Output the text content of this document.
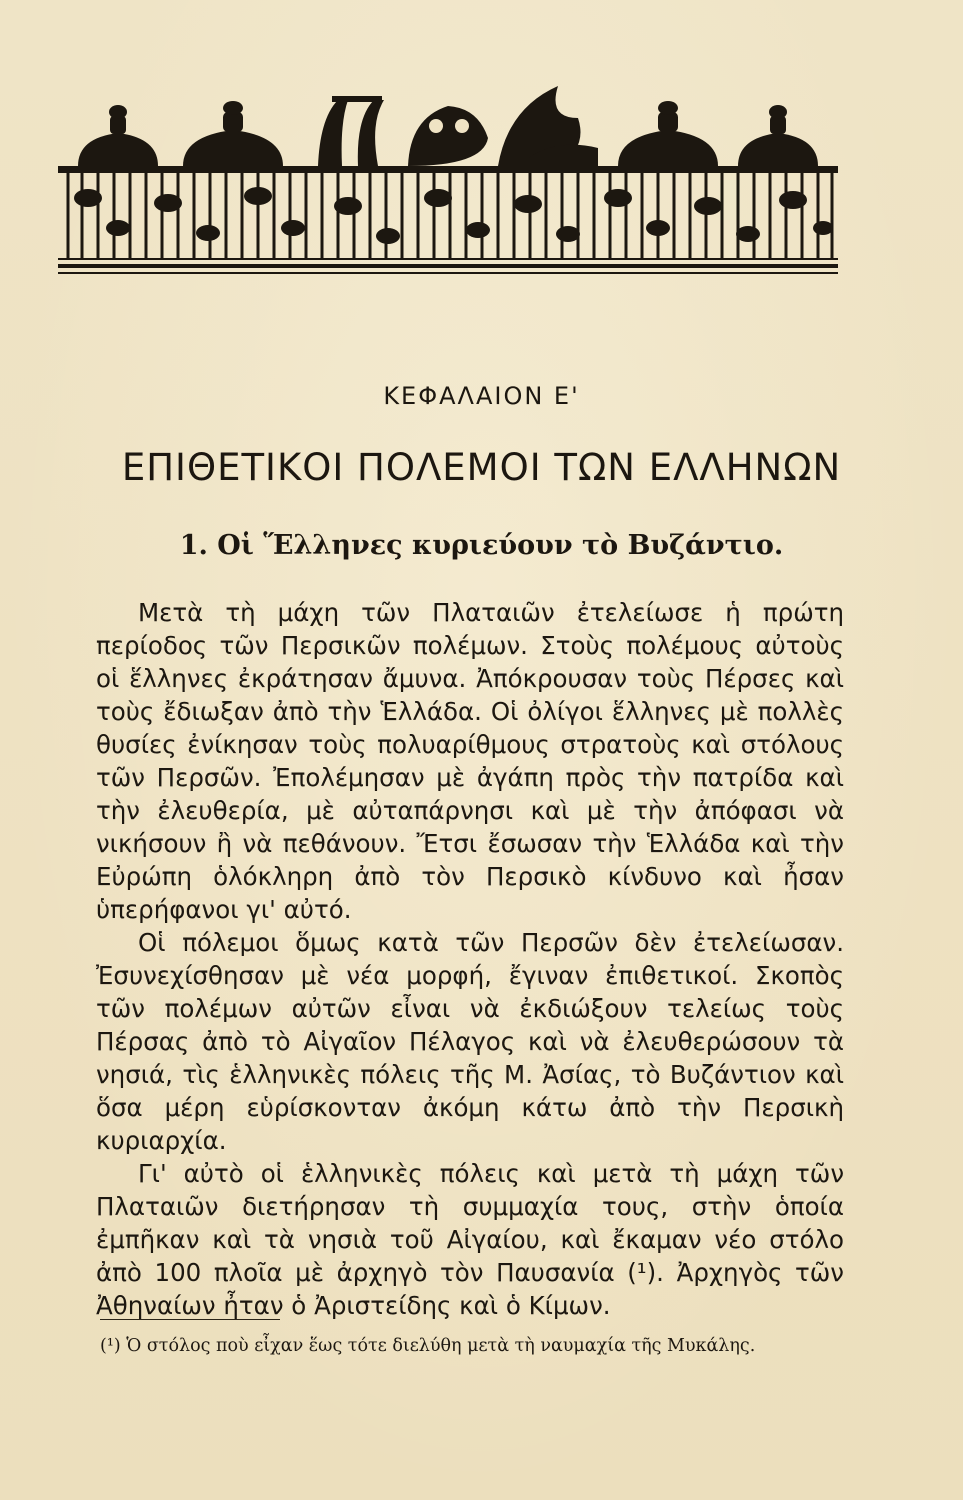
ΚΕΦΑΛΑΙΟΝ Ε'
ΕΠΙΘΕΤΙΚΟΙ ΠΟΛΕΜΟΙ ΤΩΝ ΕΛΛΗΝΩΝ
1. Οἱ Ἕλληνες κυριεύουν τὸ Βυζάντιο.

Μετὰ τὴ μάχη τῶν Πλαταιῶν ἐτελείωσε ἡ πρώτη περίοδος τῶν Περσικῶν πολέμων. Στοὺς πολέμους αὐτοὺς οἱ ἕλληνες ἐκράτησαν ἄμυνα. Ἀπόκρουσαν τοὺς Πέρσες καὶ τοὺς ἔδιωξαν ἀπὸ τὴν Ἑλλάδα. Οἱ ὀλίγοι ἕλληνες μὲ πολλὲς θυσίες ἐνίκησαν τοὺς πολυαρίθμους στρατοὺς καὶ στόλους τῶν Περσῶν. Ἐπολέμησαν μὲ ἀγάπη πρὸς τὴν πατρίδα καὶ τὴν ἐλευθερία, μὲ αὐταπάρνησι καὶ μὲ τὴν ἀπόφασι νὰ νικήσουν ἢ νὰ πεθάνουν. Ἔτσι ἔσωσαν τὴν Ἑλλάδα καὶ τὴν Εὐρώπη ὁλόκληρη ἀπὸ τὸν Περσικὸ κίνδυνο καὶ ἦσαν ὑπερήφανοι γι' αὐτό.

Οἱ πόλεμοι ὅμως κατὰ τῶν Περσῶν δὲν ἐτελείωσαν. Ἐσυνεχίσθησαν μὲ νέα μορφή, ἔγιναν ἐπιθετικοί. Σκοπὸς τῶν πολέμων αὐτῶν εἶναι νὰ ἐκδιώξουν τελείως τοὺς Πέρσας ἀπὸ τὸ Αἰγαῖον Πέλαγος καὶ νὰ ἐλευθερώσουν τὰ νησιά, τὶς ἑλληνικὲς πόλεις τῆς Μ. Ἀσίας, τὸ Βυζάντιον καὶ ὅσα μέρη εὑρίσκονταν ἀκόμη κάτω ἀπὸ τὴν Περσικὴ κυριαρχία.

Γι' αὐτὸ οἱ ἑλληνικὲς πόλεις καὶ μετὰ τὴ μάχη τῶν Πλαταιῶν διετήρησαν τὴ συμμαχία τους, στὴν ὁποία ἐμπῆκαν καὶ τὰ νησιὰ τοῦ Αἰγαίου, καὶ ἔκαμαν νέο στόλο ἀπὸ 100 πλοῖα μὲ ἀρχηγὸ τὸν Παυσανία (¹). Ἀρχηγὸς τῶν Ἀθηναίων ἦταν ὁ Ἀριστείδης καὶ ὁ Κίμων.

(¹) Ὁ στόλος ποὺ εἶχαν ἕως τότε διελύθη μετὰ τὴ ναυμαχία τῆς Μυκάλης.
